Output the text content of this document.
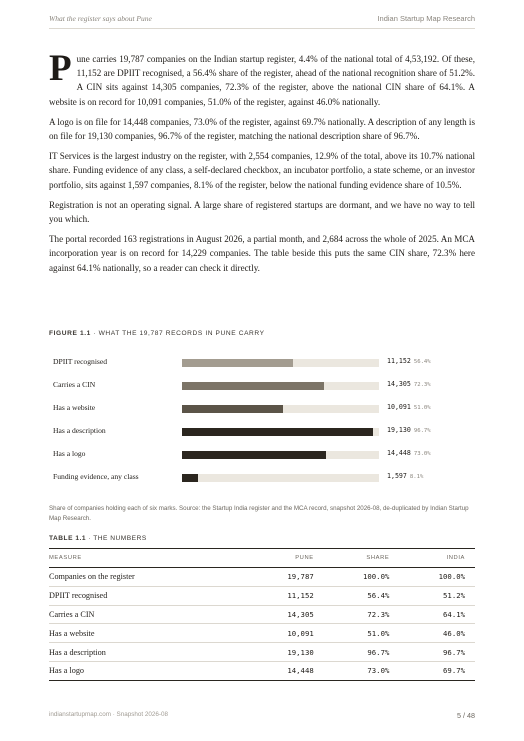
What the register says about Pune	Indian Startup Map Research

Pune carries 19,787 companies on the Indian startup register, 4.4% of the national total of 4,53,192. Of these, 11,152 are DPIIT recognised, a 56.4% share of the register, ahead of the national recognition share of 51.2%. A CIN sits against 14,305 companies, 72.3% of the register, above the national CIN share of 64.1%. A website is on record for 10,091 companies, 51.0% of the register, against 46.0% nationally.

A logo is on file for 14,448 companies, 73.0% of the register, against 69.7% nationally. A description of any length is on file for 19,130 companies, 96.7% of the register, matching the national description share of 96.7%.

IT Services is the largest industry on the register, with 2,554 companies, 12.9% of the total, above its 10.7% national share. Funding evidence of any class, a self-declared checkbox, an incubator portfolio, a state scheme, or an investor portfolio, sits against 1,597 companies, 8.1% of the register, below the national funding evidence share of 10.5%.

Registration is not an operating signal. A large share of registered startups are dormant, and we have no way to tell you which.

The portal recorded 163 registrations in August 2026, a partial month, and 2,684 across the whole of 2025. An MCA incorporation year is on record for 14,229 companies. The table beside this puts the same CIN share, 72.3% here against 64.1% nationally, so a reader can check it directly.

FIGURE 1.1 · WHAT THE 19,787 RECORDS IN PUNE CARRY
DPIIT recognised	11,152 56.4%
Carries a CIN	14,305 72.3%
Has a website	10,091 51.0%
Has a description	19,130 96.7%
Has a logo	14,448 73.0%
Funding evidence, any class	1,597 8.1%
Share of companies holding each of six marks. Source: the Startup India register and the MCA record, snapshot 2026-08, de-duplicated by Indian Startup Map Research.
TABLE 1.1 · THE NUMBERS
MEASURE	PUNE	SHARE	INDIA
Companies on the register	19,787	100.0%	100.0%
DPIIT recognised	11,152	56.4%	51.2%
Carries a CIN	14,305	72.3%	64.1%
Has a website	10,091	51.0%	46.0%
Has a description	19,130	96.7%	96.7%
Has a logo	14,448	73.0%	69.7%
indianstartupmap.com · Snapshot 2026-08	5 / 48
